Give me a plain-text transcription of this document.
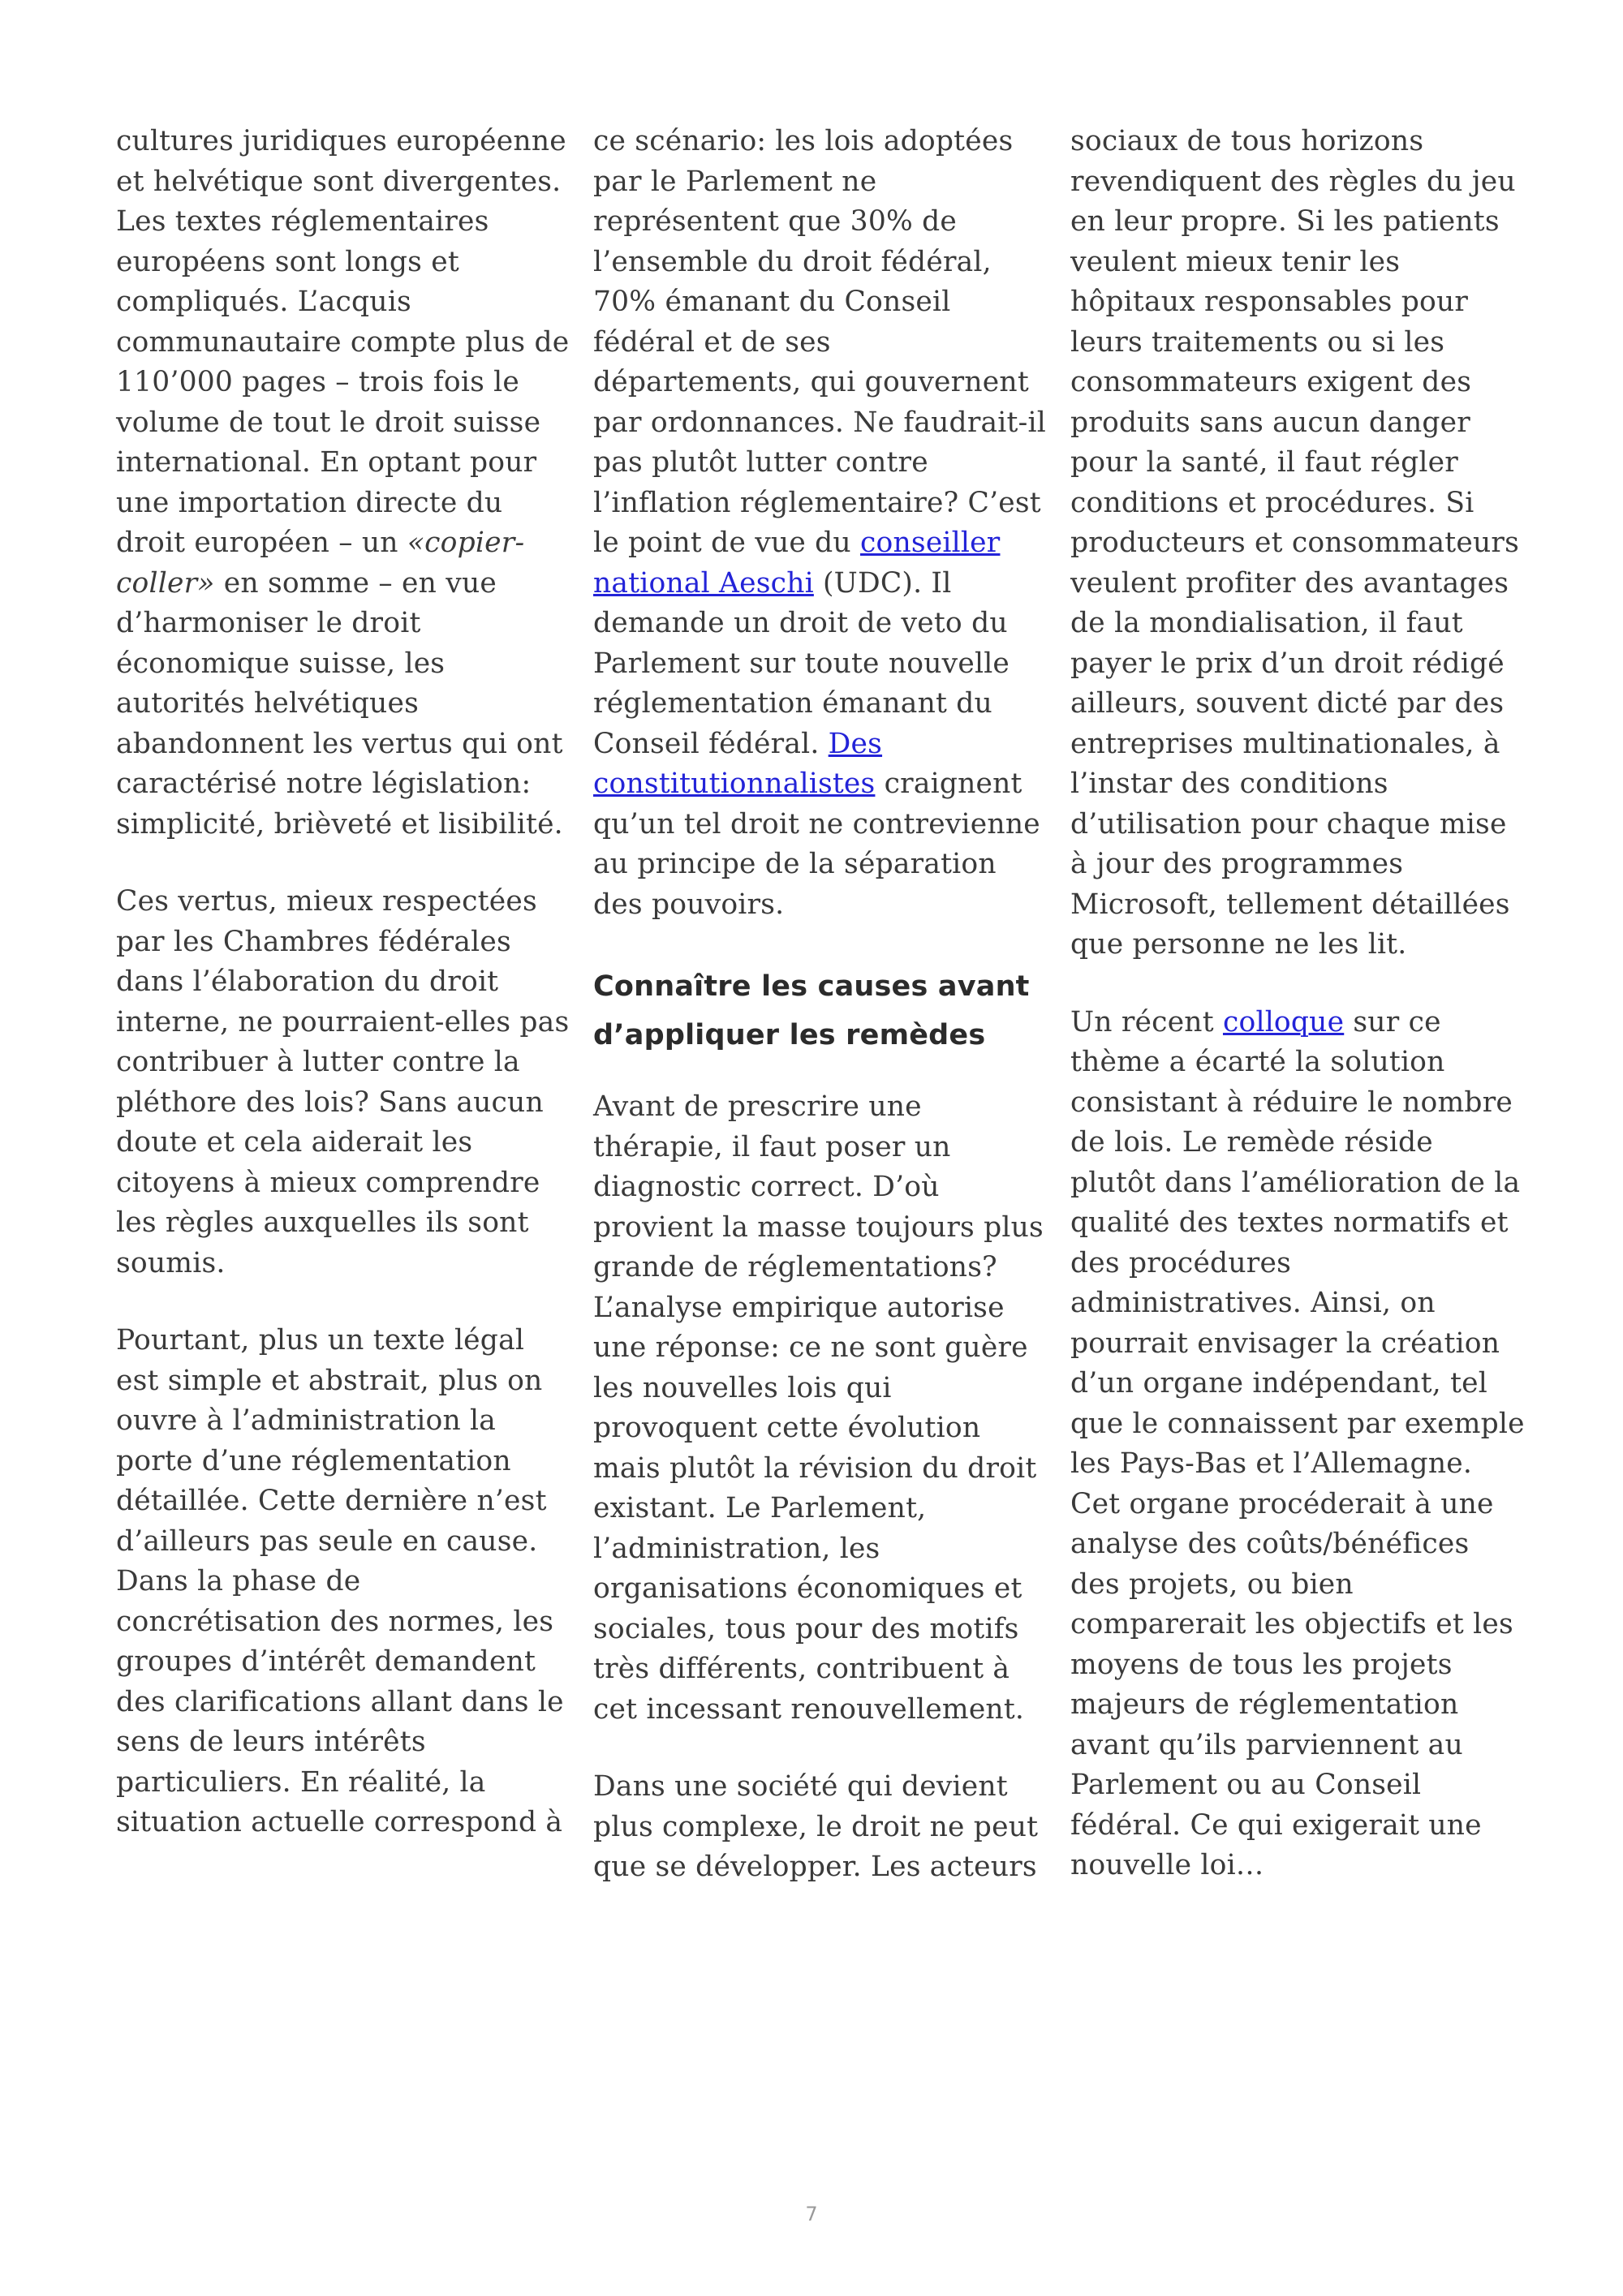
cultures juridiques européenne et helvétique sont divergentes. Les textes réglementaires européens sont longs et compliqués. L’acquis communautaire compte plus de 110’000 pages – trois fois le volume de tout le droit suisse international. En optant pour une importation directe du droit européen – un «copier-coller» en somme – en vue d’harmoniser le droit économique suisse, les autorités helvétiques abandonnent les vertus qui ont caractérisé notre législation: simplicité, brièveté et lisibilité.

Ces vertus, mieux respectées par les Chambres fédérales dans l’élaboration du droit interne, ne pourraient-elles pas contribuer à lutter contre la pléthore des lois? Sans aucun doute et cela aiderait les citoyens à mieux comprendre les règles auxquelles ils sont soumis.

Pourtant, plus un texte légal est simple et abstrait, plus on ouvre à l’administration la porte d’une réglementation détaillée. Cette dernière n’est d’ailleurs pas seule en cause. Dans la phase de concrétisation des normes, les groupes d’intérêt demandent des clarifications allant dans le sens de leurs intérêts particuliers. En réalité, la situation actuelle correspond à

ce scénario: les lois adoptées par le Parlement ne représentent que 30% de l’ensemble du droit fédéral, 70% émanant du Conseil fédéral et de ses départements, qui gouvernent par ordonnances. Ne faudrait-il pas plutôt lutter contre l’inflation réglementaire? C’est le point de vue du conseiller national Aeschi (UDC). Il demande un droit de veto du Parlement sur toute nouvelle réglementation émanant du Conseil fédéral. Des constitutionnalistes craignent qu’un tel droit ne contrevienne au principe de la séparation des pouvoirs.

Connaître les causes avant d’appliquer les remèdes

Avant de prescrire une thérapie, il faut poser un diagnostic correct. D’où provient la masse toujours plus grande de réglementations? L’analyse empirique autorise une réponse: ce ne sont guère les nouvelles lois qui provoquent cette évolution mais plutôt la révision du droit existant. Le Parlement, l’administration, les organisations économiques et sociales, tous pour des motifs très différents, contribuent à cet incessant renouvellement.

Dans une société qui devient plus complexe, le droit ne peut que se développer. Les acteurs

sociaux de tous horizons revendiquent des règles du jeu en leur propre. Si les patients veulent mieux tenir les hôpitaux responsables pour leurs traitements ou si les consommateurs exigent des produits sans aucun danger pour la santé, il faut régler conditions et procédures. Si producteurs et consommateurs veulent profiter des avantages de la mondialisation, il faut payer le prix d’un droit rédigé ailleurs, souvent dicté par des entreprises multinationales, à l’instar des conditions d’utilisation pour chaque mise à jour des programmes Microsoft, tellement détaillées que personne ne les lit.

Un récent colloque sur ce thème a écarté la solution consistant à réduire le nombre de lois. Le remède réside plutôt dans l’amélioration de la qualité des textes normatifs et des procédures administratives. Ainsi, on pourrait envisager la création d’un organe indépendant, tel que le connaissent par exemple les Pays-Bas et l’Allemagne. Cet organe procéderait à une analyse des coûts/bénéfices des projets, ou bien comparerait les objectifs et les moyens de tous les projets majeurs de réglementation avant qu’ils parviennent au Parlement ou au Conseil fédéral. Ce qui exigerait une nouvelle loi…

7
